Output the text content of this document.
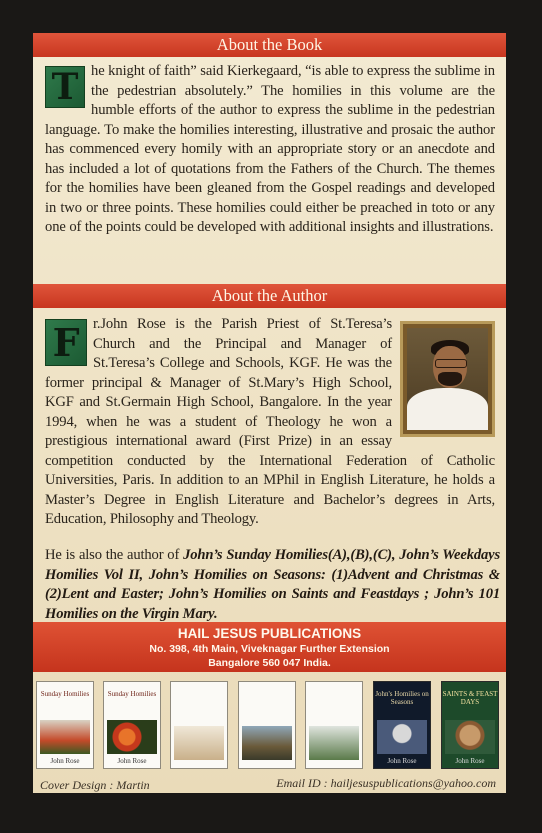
About the Book
T he knight of faith” said Kierkegaard, “is able to express the sublime in the pedestrian absolutely.” The homilies in this volume are the humble efforts of the author to express the sublime in the pedestrian language. To make the homilies interesting, illustrative and prosaic the author has commenced every homily with an appropriate story or an anecdote and has included a lot of quotations from the Fathers of the Church. The themes for the homilies have been gleaned from the Gospel readings and developed in two or three points. These homilies could either be preached in toto or any one of the points could be developed with additional insights and illustrations.
About the Author
F r.John Rose is the Parish Priest of St.Teresa’s Church and the Principal and Manager of St.Teresa’s College and Schools, KGF. He was the former principal & Manager of St.Mary’s High School, KGF and St.Germain High School, Bangalore. In the year 1994, when he was a student of Theology he won a prestigious international award (First Prize) in an essay competition conducted by the International Federation of Catholic Universities, Paris. In addition to an MPhil in English Literature, he holds a Master’s Degree in English Literature and Bachelor’s degrees in Arts, Education, Philosophy and Theology.
He is also the author of John’s Sunday Homilies(A),(B),(C), John’s Weekdays Homilies Vol II, John’s Homilies on Seasons: (1)Advent and Christmas & (2)Lent and Easter; John’s Homilies on Saints and Feastdays ; John’s 101 Homilies on the Virgin Mary.
HAIL JESUS PUBLICATIONS
No. 398, 4th Main, Viveknagar Further Extension
Bangalore 560 047 India.
Sunday Homilies
John Rose
Sunday Homilies
John Rose
John's Homilies on Seasons
John Rose
SAINTS & FEAST DAYS
John Rose
Cover Design : Martin	Email ID : hailjesuspublications@yahoo.com
